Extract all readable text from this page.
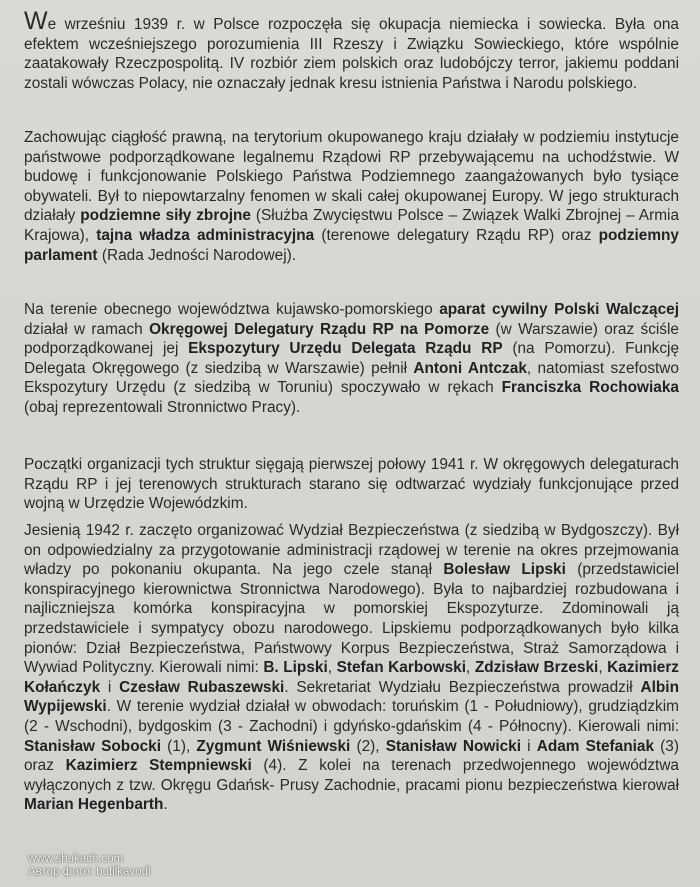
We wrześniu 1939 r. w Polsce rozpoczęła się okupacja niemiecka i sowiecka. Była ona efektem wcześniejszego porozumienia III Rzeszy i Związku Sowieckiego, które wspólnie zaatakowały Rzeczpospolitą. IV rozbiór ziem polskich oraz ludobójczy terror, jakiemu poddani zostali wówczas Polacy, nie oznaczały jednak kresu istnienia Państwa i Narodu polskiego.

Zachowując ciągłość prawną, na terytorium okupowanego kraju działały w podziemiu instytucje państwowe podporządkowane legalnemu Rządowi RP przebywającemu na uchodźstwie. W budowę i funkcjonowanie Polskiego Państwa Podziemnego zaangażowanych było tysiące obywateli. Był to niepowtarzalny fenomen w skali całej okupowanej Europy. W jego strukturach działały podziemne siły zbrojne (Służba Zwycięstwu Polsce – Związek Walki Zbrojnej – Armia Krajowa), tajna władza administracyjna (terenowe delegatury Rządu RP) oraz podziemny parlament (Rada Jedności Narodowej).

Na terenie obecnego województwa kujawsko-pomorskiego aparat cywilny Polski Walczącej działał w ramach Okręgowej Delegatury Rządu RP na Pomorze (w Warszawie) oraz ściśle podporządkowanej jej Ekspozytury Urzędu Delegata Rządu RP (na Pomorzu). Funkcję Delegata Okręgowego (z siedzibą w Warszawie) pełnił Antoni Antczak, natomiast szefostwo Ekspozytury Urzędu (z siedzibą w Toruniu) spoczywało w rękach Franciszka Rochowiaka (obaj reprezentowali Stronnictwo Pracy).

Początki organizacji tych struktur sięgają pierwszej połowy 1941 r. W okręgowych delegaturach Rządu RP i jej terenowych strukturach starano się odtwarzać wydziały funkcjonujące przed wojną w Urzędzie Wojewódzkim.

Jesienią 1942 r. zaczęto organizować Wydział Bezpieczeństwa (z siedzibą w Bydgoszczy). Był on odpowiedzialny za przygotowanie administracji rządowej w terenie na okres przejmowania władzy po pokonaniu okupanta. Na jego czele stanął Bolesław Lipski (przedstawiciel konspiracyjnego kierownictwa Stronnictwa Narodowego). Była to najbardziej rozbudowana i najliczniejsza komórka konspiracyjna w pomorskiej Ekspozyturze. Zdominowali ją przedstawiciele i sympatycy obozu narodowego. Lipskiemu podporządkowanych było kilka pionów: Dział Bezpieczeństwa, Państwowy Korpus Bezpieczeństwa, Straż Samorządowa i Wywiad Polityczny. Kierowali nimi: B. Lipski, Stefan Karbowski, Zdzisław Brzeski, Kazimierz Kołańczyk i Czesław Rubaszewski. Sekretariat Wydziału Bezpieczeństwa prowadził Albin Wypijewski. W terenie wydział działał w obwodach: toruńskim (1 - Południowy), grudziądzkim (2 - Wschodni), bydgoskim (3 - Zachodni) i gdyńsko-gdańskim (4 - Północny). Kierowali nimi: Stanisław Sobocki (1), Zygmunt Wiśniewski (2), Stanisław Nowicki i Adam Stefaniak (3) oraz Kazimierz Stempniewski (4). Z kolei na terenach przedwojennego województwa wyłączonych z tzw. Okręgu Gdańsk- Prusy Zachodnie, pracami pionu bezpieczeństwa kierował Marian Hegenbarth.

www.shukach.com
Автор фото: butilkavodi
